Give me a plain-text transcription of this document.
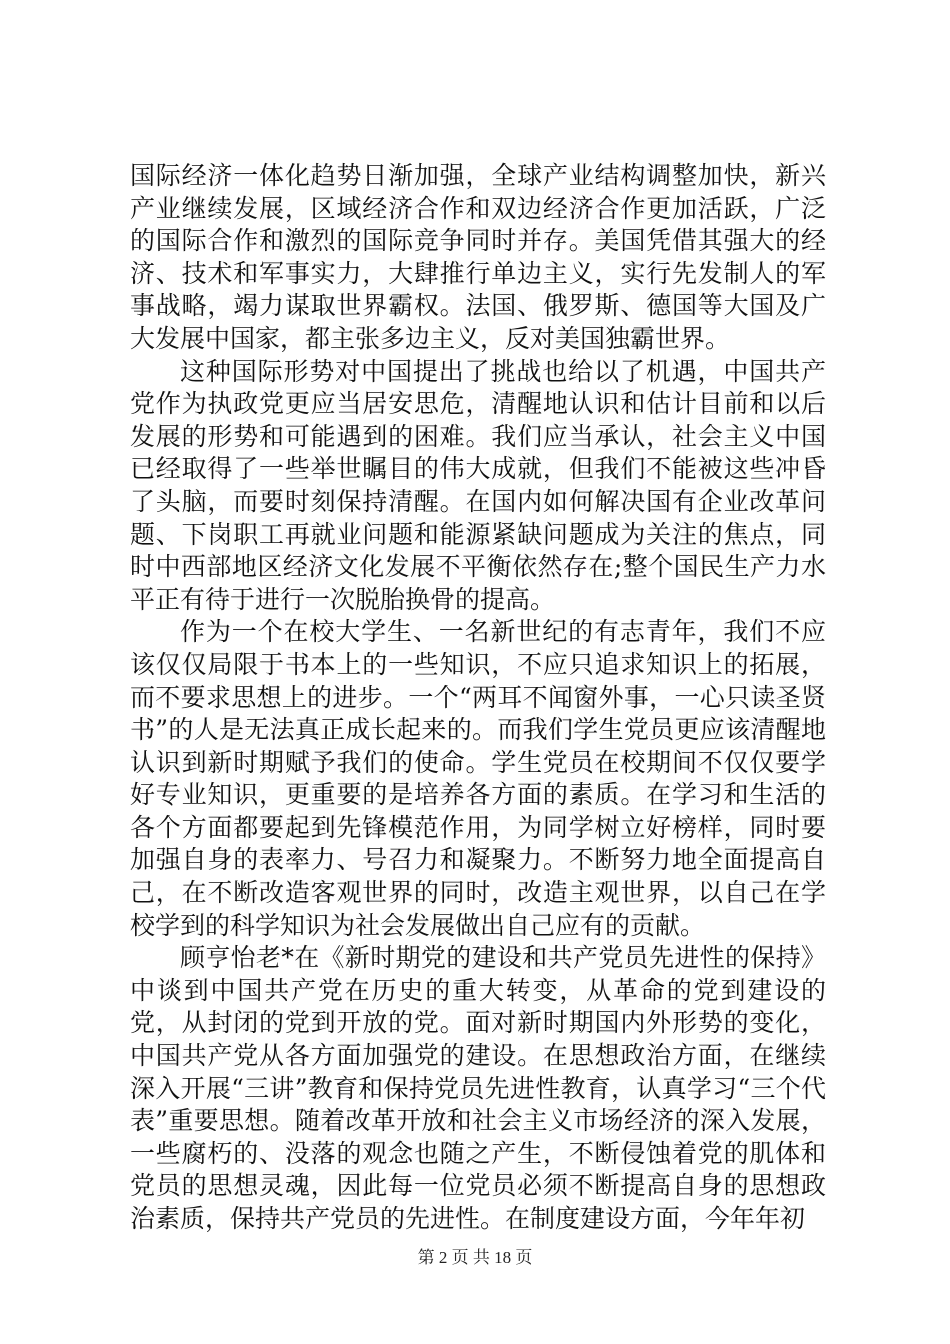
国际经济一体化趋势日渐加强，全球产业结构调整加快，新兴产业继续发展，区域经济合作和双边经济合作更加活跃，广泛的国际合作和激烈的国际竞争同时并存。美国凭借其强大的经济、技术和军事实力，大肆推行单边主义，实行先发制人的军事战略，竭力谋取世界霸权。法国、俄罗斯、德国等大国及广大发展中国家，都主张多边主义，反对美国独霸世界。

这种国际形势对中国提出了挑战也给以了机遇，中国共产党作为执政党更应当居安思危，清醒地认识和估计目前和以后发展的形势和可能遇到的困难。我们应当承认，社会主义中国已经取得了一些举世瞩目的伟大成就，但我们不能被这些冲昏了头脑，而要时刻保持清醒。在国内如何解决国有企业改革问题、下岗职工再就业问题和能源紧缺问题成为关注的焦点，同时中西部地区经济文化发展不平衡依然存在;整个国民生产力水平正有待于进行一次脱胎换骨的提高。

作为一个在校大学生、一名新世纪的有志青年，我们不应该仅仅局限于书本上的一些知识，不应只追求知识上的拓展，而不要求思想上的进步。一个“两耳不闻窗外事，一心只读圣贤书”的人是无法真正成长起来的。而我们学生党员更应该清醒地认识到新时期赋予我们的使命。学生党员在校期间不仅仅要学好专业知识，更重要的是培养各方面的素质。在学习和生活的各个方面都要起到先锋模范作用，为同学树立好榜样，同时要加强自身的表率力、号召力和凝聚力。不断努力地全面提高自己，在不断改造客观世界的同时，改造主观世界，以自己在学校学到的科学知识为社会发展做出自己应有的贡献。

顾亨怡老*在《新时期党的建设和共产党员先进性的保持》中谈到中国共产党在历史的重大转变，从革命的党到建设的党，从封闭的党到开放的党。面对新时期国内外形势的变化，中国共产党从各方面加强党的建设。在思想政治方面，在继续深入开展“三讲”教育和保持党员先进性教育，认真学习“三个代表”重要思想。随着改革开放和社会主义市场经济的深入发展，一些腐朽的、没落的观念也随之产生，不断侵蚀着党的肌体和党员的思想灵魂，因此每一位党员必须不断提高自身的思想政治素质，保持共产党员的先进性。在制度建设方面，今年年初

第 2 页 共 18 页
